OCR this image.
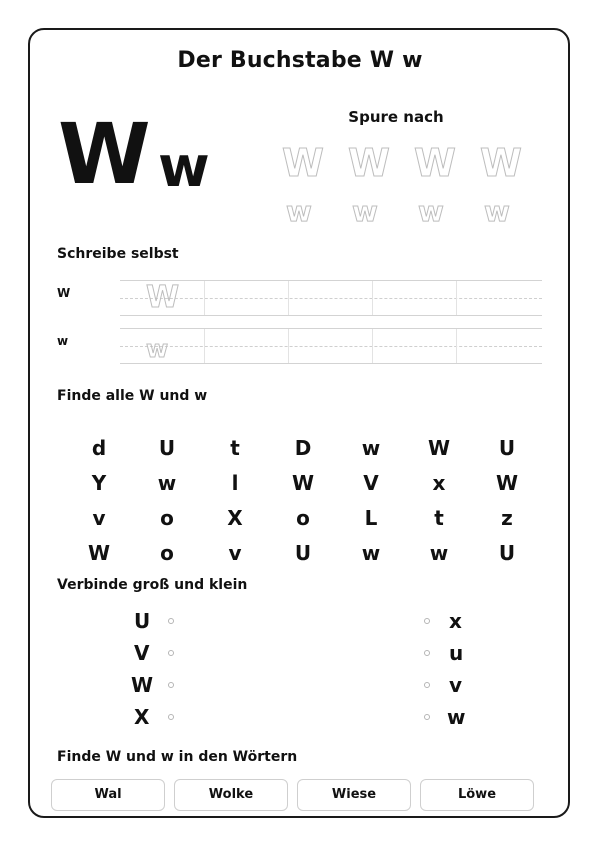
Der Buchstabe W w
W w
Spure nach
W W W W
w w w w
Schreibe selbst
W	W
w	w
Finde alle W und w
d	U	t	D	w	W	U
Y	w	l	W	V	x	W
v	o	X	o	L	t	z
W	o	v	U	w	w	U
Verbinde groß und klein
U
V
W
X
x
u
v
w
Finde W und w in den Wörtern
Wal	Wolke	Wiese	Löwe
